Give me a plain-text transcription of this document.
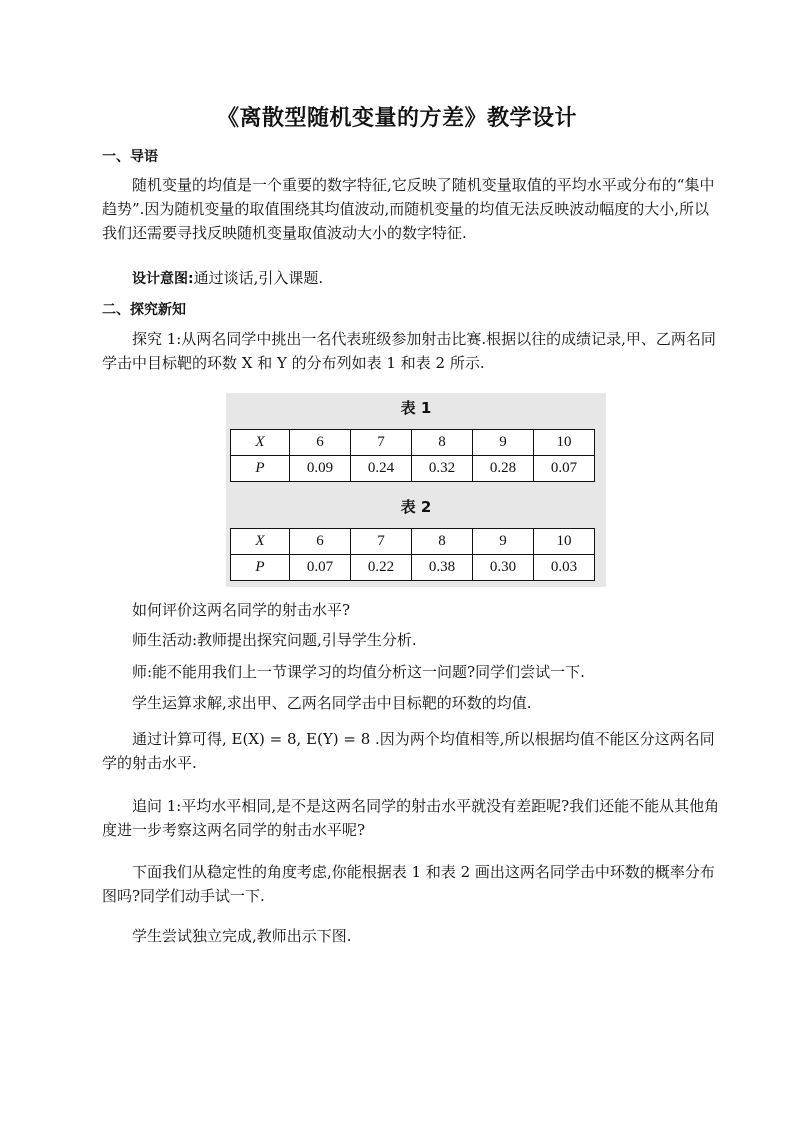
《离散型随机变量的方差》教学设计

一、导语

随机变量的均值是一个重要的数字特征,它反映了随机变量取值的平均水平或分布的“集中趋势”.因为随机变量的取值围绕其均值波动,而随机变量的均值无法反映波动幅度的大小,所以我们还需要寻找反映随机变量取值波动大小的数字特征.

设计意图:通过谈话,引入课题.

二、探究新知

探究 1:从两名同学中挑出一名代表班级参加射击比赛.根据以往的成绩记录,甲、乙两名同学击中目标靶的环数 X 和 Y 的分布列如表 1 和表 2 所示.

表 1
X	6	7	8	9	10
P	0.09	0.24	0.32	0.28	0.07
表 2
X	6	7	8	9	10
P	0.07	0.22	0.38	0.30	0.03

如何评价这两名同学的射击水平?

师生活动:教师提出探究问题,引导学生分析.

师:能不能用我们上一节课学习的均值分析这一问题?同学们尝试一下.

学生运算求解,求出甲、乙两名同学击中目标靶的环数的均值.

通过计算可得, E(X) = 8, E(Y) = 8 .因为两个均值相等,所以根据均值不能区分这两名同学的射击水平.

追问 1:平均水平相同,是不是这两名同学的射击水平就没有差距呢?我们还能不能从其他角度进一步考察这两名同学的射击水平呢?

下面我们从稳定性的角度考虑,你能根据表 1 和表 2 画出这两名同学击中环数的概率分布图吗?同学们动手试一下.

学生尝试独立完成,教师出示下图.
